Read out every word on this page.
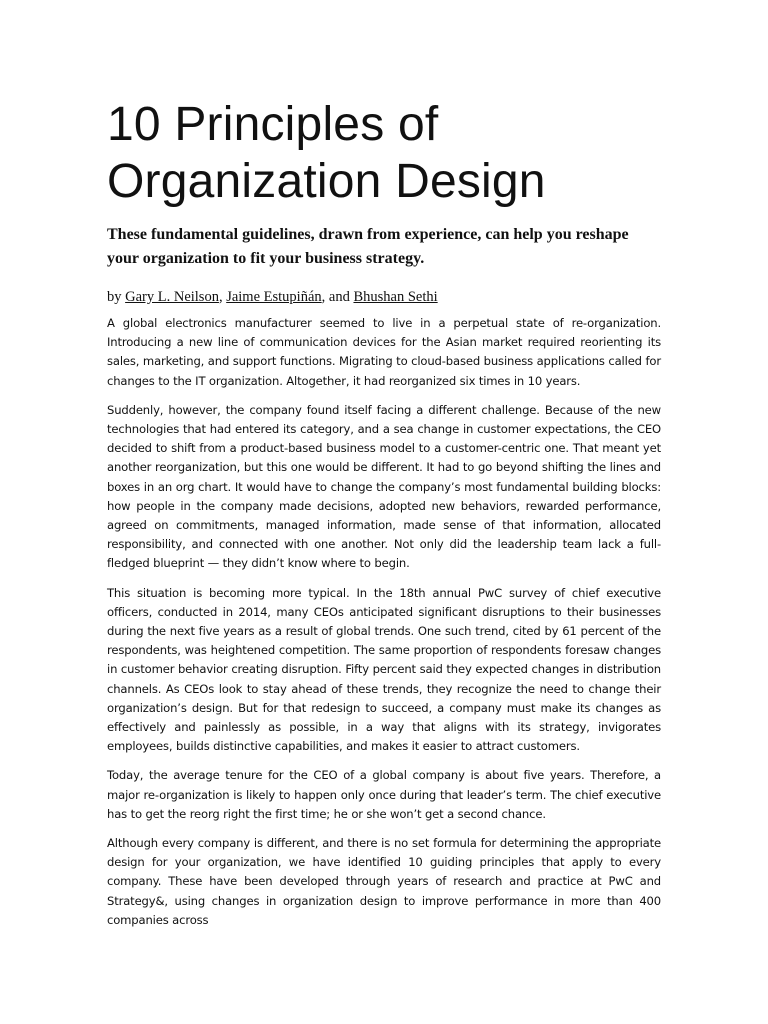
10 Principles of Organization Design

These fundamental guidelines, drawn from experience, can help you reshape your organization to fit your business strategy.

by Gary L. Neilson, Jaime Estupiñán, and Bhushan Sethi

A global electronics manufacturer seemed to live in a perpetual state of re-organization. Introducing a new line of communication devices for the Asian market required reorienting its sales, marketing, and support functions. Migrating to cloud-based business applications called for changes to the IT organization. Altogether, it had reorganized six times in 10 years.

Suddenly, however, the company found itself facing a different challenge. Because of the new technologies that had entered its category, and a sea change in customer expectations, the CEO decided to shift from a product-based business model to a customer-centric one. That meant yet another reorganization, but this one would be different. It had to go beyond shifting the lines and boxes in an org chart. It would have to change the company’s most fundamental building blocks: how people in the company made decisions, adopted new behaviors, rewarded performance, agreed on commitments, managed information, made sense of that information, allocated responsibility, and connected with one another. Not only did the leadership team lack a full-fledged blueprint — they didn’t know where to begin.

This situation is becoming more typical. In the 18th annual PwC survey of chief executive officers, conducted in 2014, many CEOs anticipated significant disruptions to their businesses during the next five years as a result of global trends. One such trend, cited by 61 percent of the respondents, was heightened competition. The same proportion of respondents foresaw changes in customer behavior creating disruption. Fifty percent said they expected changes in distribution channels. As CEOs look to stay ahead of these trends, they recognize the need to change their organization’s design. But for that redesign to succeed, a company must make its changes as effectively and painlessly as possible, in a way that aligns with its strategy, invigorates employees, builds distinctive capabilities, and makes it easier to attract customers.

Today, the average tenure for the CEO of a global company is about five years. Therefore, a major re-organization is likely to happen only once during that leader’s term. The chief executive has to get the reorg right the first time; he or she won’t get a second chance.

Although every company is different, and there is no set formula for determining the appropriate design for your organization, we have identified 10 guiding principles that apply to every company. These have been developed through years of research and practice at PwC and Strategy&, using changes in organization design to improve performance in more than 400 companies across
